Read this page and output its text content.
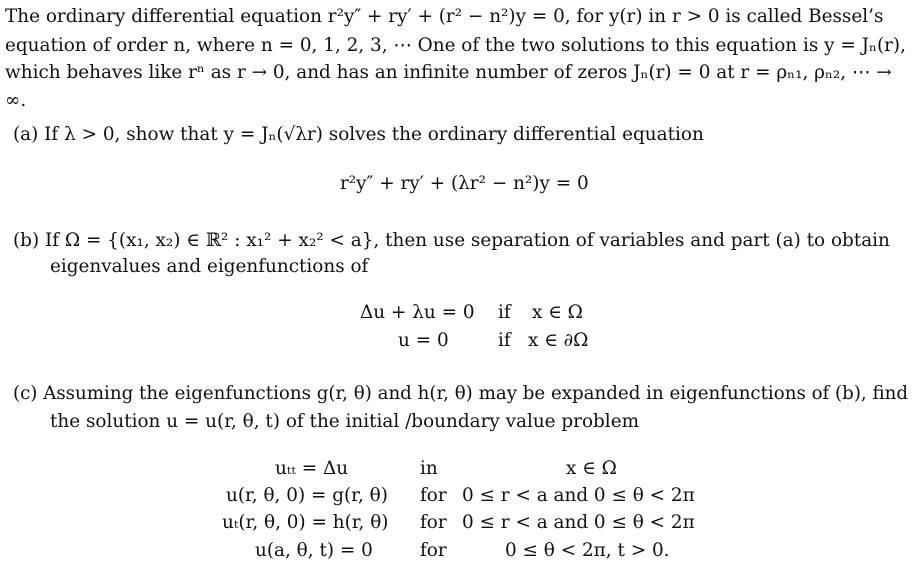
The ordinary differential equation r²y″ + ry′ + (r² − n²)y = 0, for y(r) in r > 0 is called Bessel’s
equation of order n, where n = 0, 1, 2, 3, ⋯ One of the two solutions to this equation is y = Jₙ(r),
which behaves like rⁿ as r → 0, and has an infinite number of zeros Jₙ(r) = 0 at r = ρₙ₁, ρₙ₂, ⋯ →
∞.
(a) If λ > 0, show that y = Jₙ(√λr) solves the ordinary differential equation
r²y″ + ry′ + (λr² − n²)y = 0
(b) If Ω = {(x₁, x₂) ∈ ℝ² : x₁² + x₂² < a}, then use separation of variables and part (a) to obtain
eigenvalues and eigenfunctions of
Δu + λu = 0 if x ∈ Ω
u = 0	if x ∈ ∂Ω
(c) Assuming the eigenfunctions g(r, θ) and h(r, θ) may be expanded in eigenfunctions of (b), find
the solution u = u(r, θ, t) of the initial /boundary value problem
uₜₜ = Δu	in	x ∈ Ω
u(r, θ, 0) = g(r, θ) for 0 ≤ r < a and 0 ≤ θ < 2π
uₜ(r, θ, 0) = h(r, θ) for 0 ≤ r < a and 0 ≤ θ < 2π
u(a, θ, t) = 0	for	0 ≤ θ < 2π, t > 0.
